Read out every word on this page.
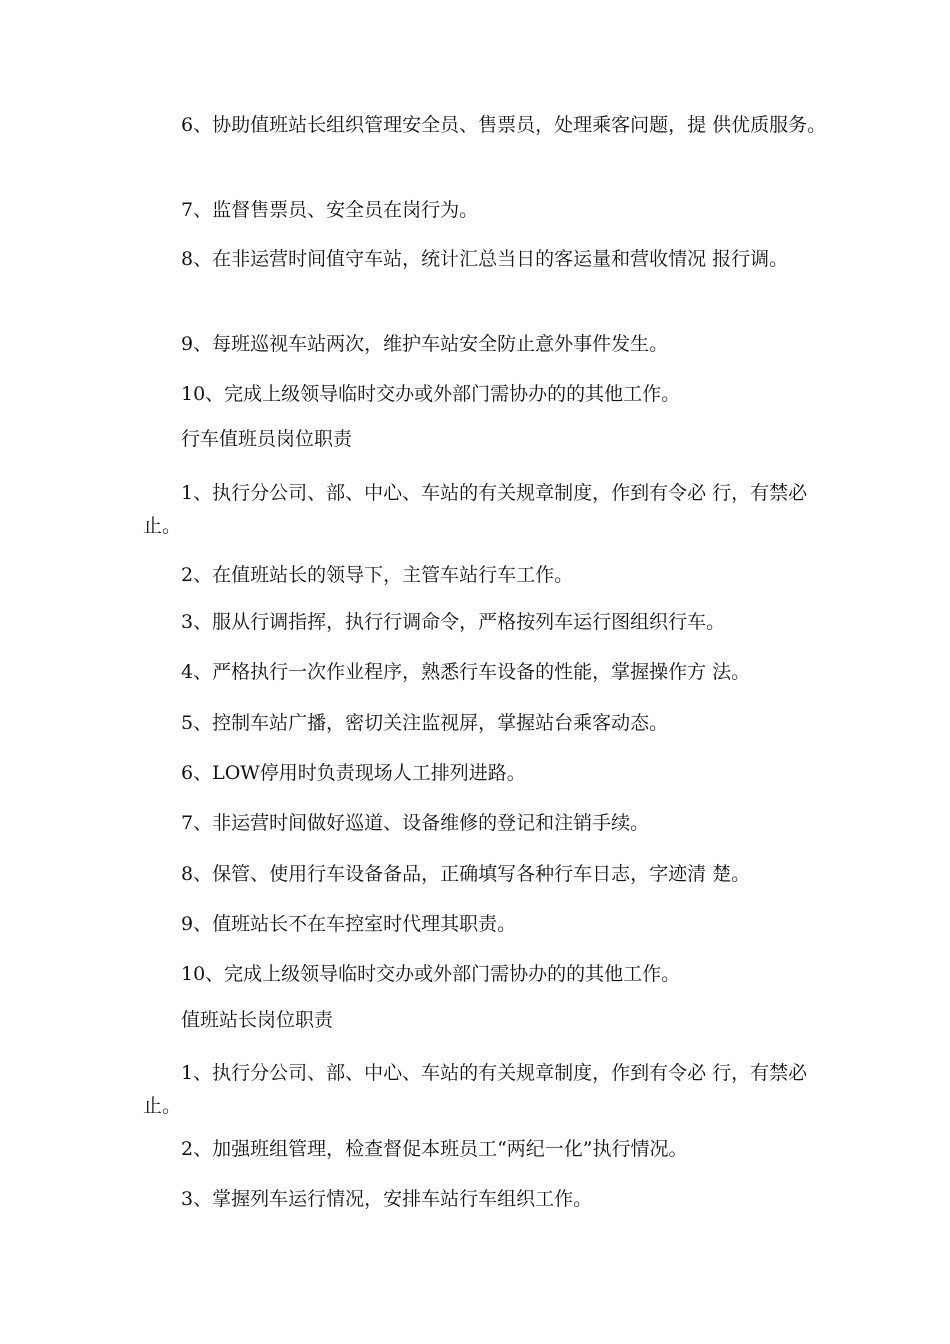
6、协助值班站长组织管理安全员、售票员，处理乘客问题，提 供优质服务。
7、监督售票员、安全员在岗行为。
8、在非运营时间值守车站，统计汇总当日的客运量和营收情况 报行调。
9、每班巡视车站两次，维护车站安全防止意外事件发生。
10、完成上级领导临时交办或外部门需协办的的其他工作。
行车值班员岗位职责
1、执行分公司、部、中心、车站的有关规章制度，作到有令必 行，有禁必止。
2、在值班站长的领导下，主管车站行车工作。
3、服从行调指挥，执行行调命令，严格按列车运行图组织行车。
4、严格执行一次作业程序，熟悉行车设备的性能，掌握操作方 法。
5、控制车站广播，密切关注监视屏，掌握站台乘客动态。
6、LOW停用时负责现场人工排列进路。
7、非运营时间做好巡道、设备维修的登记和注销手续。
8、保管、使用行车设备备品，正确填写各种行车日志，字迹清 楚。
9、值班站长不在车控室时代理其职责。
10、完成上级领导临时交办或外部门需协办的的其他工作。
值班站长岗位职责
1、执行分公司、部、中心、车站的有关规章制度，作到有令必 行，有禁必止。
2、加强班组管理，检查督促本班员工“两纪一化”执行情况。
3、掌握列车运行情况，安排车站行车组织工作。
